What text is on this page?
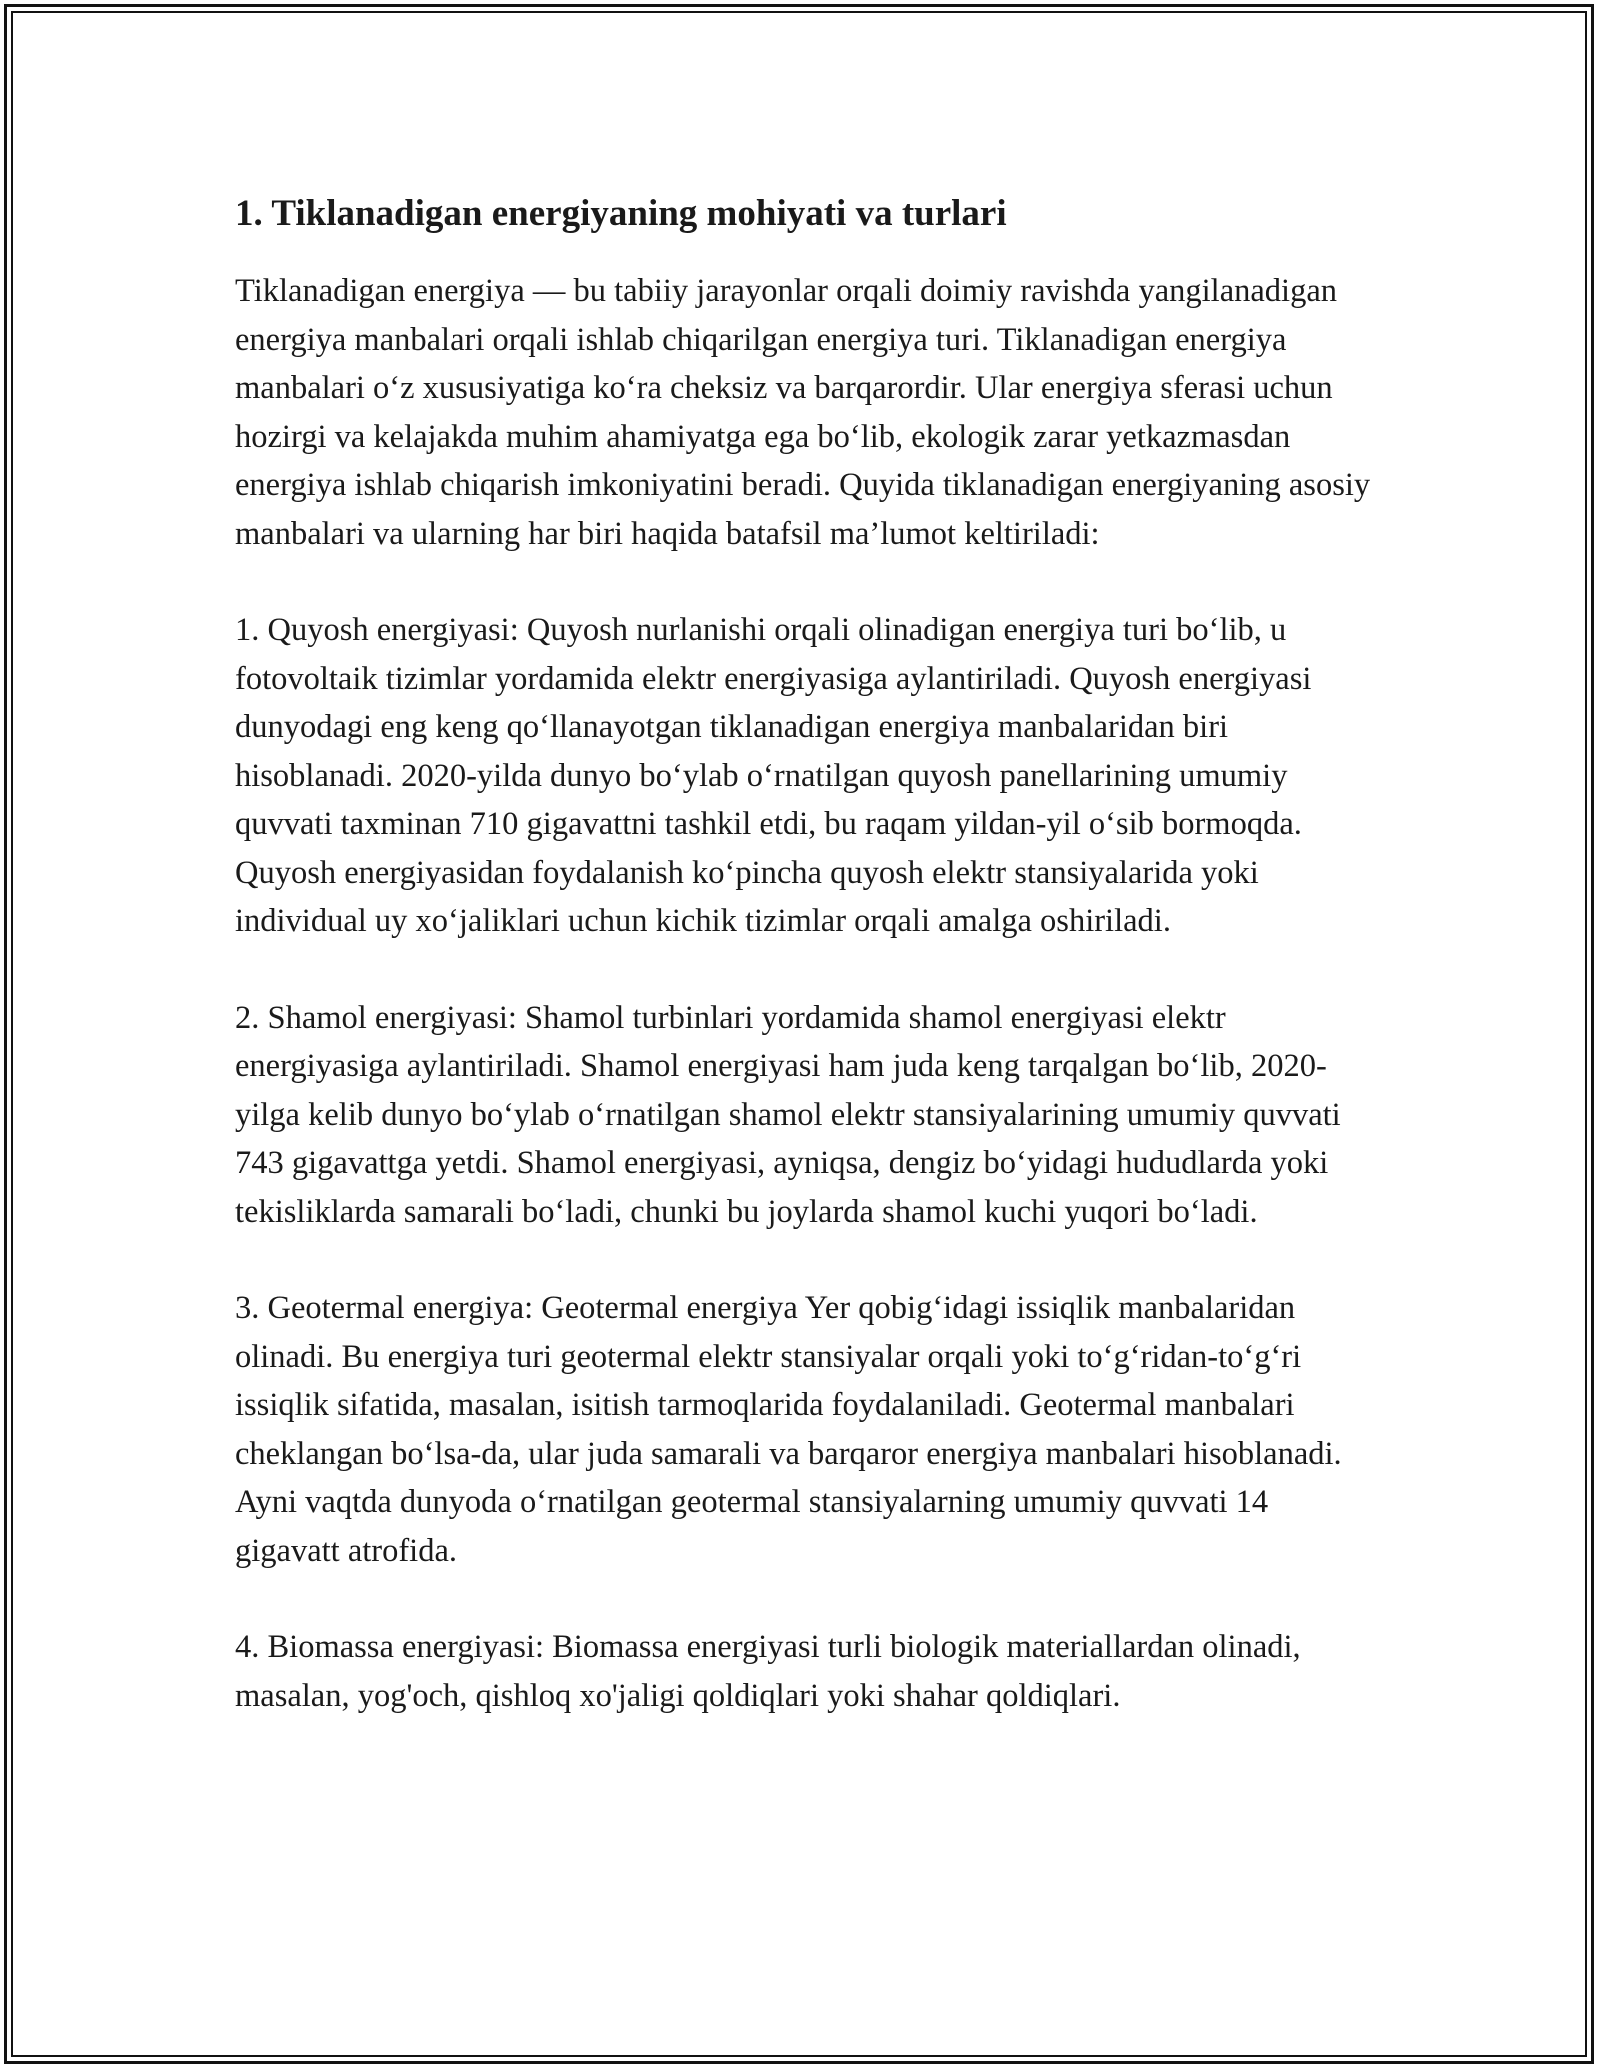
1. Tiklanadigan energiyaning mohiyati va turlari

Tiklanadigan energiya — bu tabiiy jarayonlar orqali doimiy ravishda yangilanadigan energiya manbalari orqali ishlab chiqarilgan energiya turi. Tiklanadigan energiya manbalari o‘z xususiyatiga ko‘ra cheksiz va barqarordir. Ular energiya sferasi uchun hozirgi va kelajakda muhim ahamiyatga ega bo‘lib, ekologik zarar yetkazmasdan energiya ishlab chiqarish imkoniyatini beradi. Quyida tiklanadigan energiyaning asosiy manbalari va ularning har biri haqida batafsil ma’lumot keltiriladi:

1. Quyosh energiyasi: Quyosh nurlanishi orqali olinadigan energiya turi bo‘lib, u fotovoltaik tizimlar yordamida elektr energiyasiga aylantiriladi. Quyosh energiyasi dunyodagi eng keng qo‘llanayotgan tiklanadigan energiya manbalaridan biri hisoblanadi. 2020-yilda dunyo bo‘ylab o‘rnatilgan quyosh panellarining umumiy quvvati taxminan 710 gigavattni tashkil etdi, bu raqam yildan-yil o‘sib bormoqda. Quyosh energiyasidan foydalanish ko‘pincha quyosh elektr stansiyalarida yoki individual uy xo‘jaliklari uchun kichik tizimlar orqali amalga oshiriladi.

2. Shamol energiyasi: Shamol turbinlari yordamida shamol energiyasi elektr energiyasiga aylantiriladi. Shamol energiyasi ham juda keng tarqalgan bo‘lib, 2020-yilga kelib dunyo bo‘ylab o‘rnatilgan shamol elektr stansiyalarining umumiy quvvati 743 gigavattga yetdi. Shamol energiyasi, ayniqsa, dengiz bo‘yidagi hududlarda yoki tekisliklarda samarali bo‘ladi, chunki bu joylarda shamol kuchi yuqori bo‘ladi.

3. Geotermal energiya: Geotermal energiya Yer qobig‘idagi issiqlik manbalaridan olinadi. Bu energiya turi geotermal elektr stansiyalar orqali yoki to‘g‘ridan-to‘g‘ri issiqlik sifatida, masalan, isitish tarmoqlarida foydalaniladi. Geotermal manbalari cheklangan bo‘lsa-da, ular juda samarali va barqaror energiya manbalari hisoblanadi. Ayni vaqtda dunyoda o‘rnatilgan geotermal stansiyalarning umumiy quvvati 14 gigavatt atrofida.

4. Biomassa energiyasi: Biomassa energiyasi turli biologik materiallardan olinadi, masalan, yog'och, qishloq xo'jaligi qoldiqlari yoki shahar qoldiqlari.
